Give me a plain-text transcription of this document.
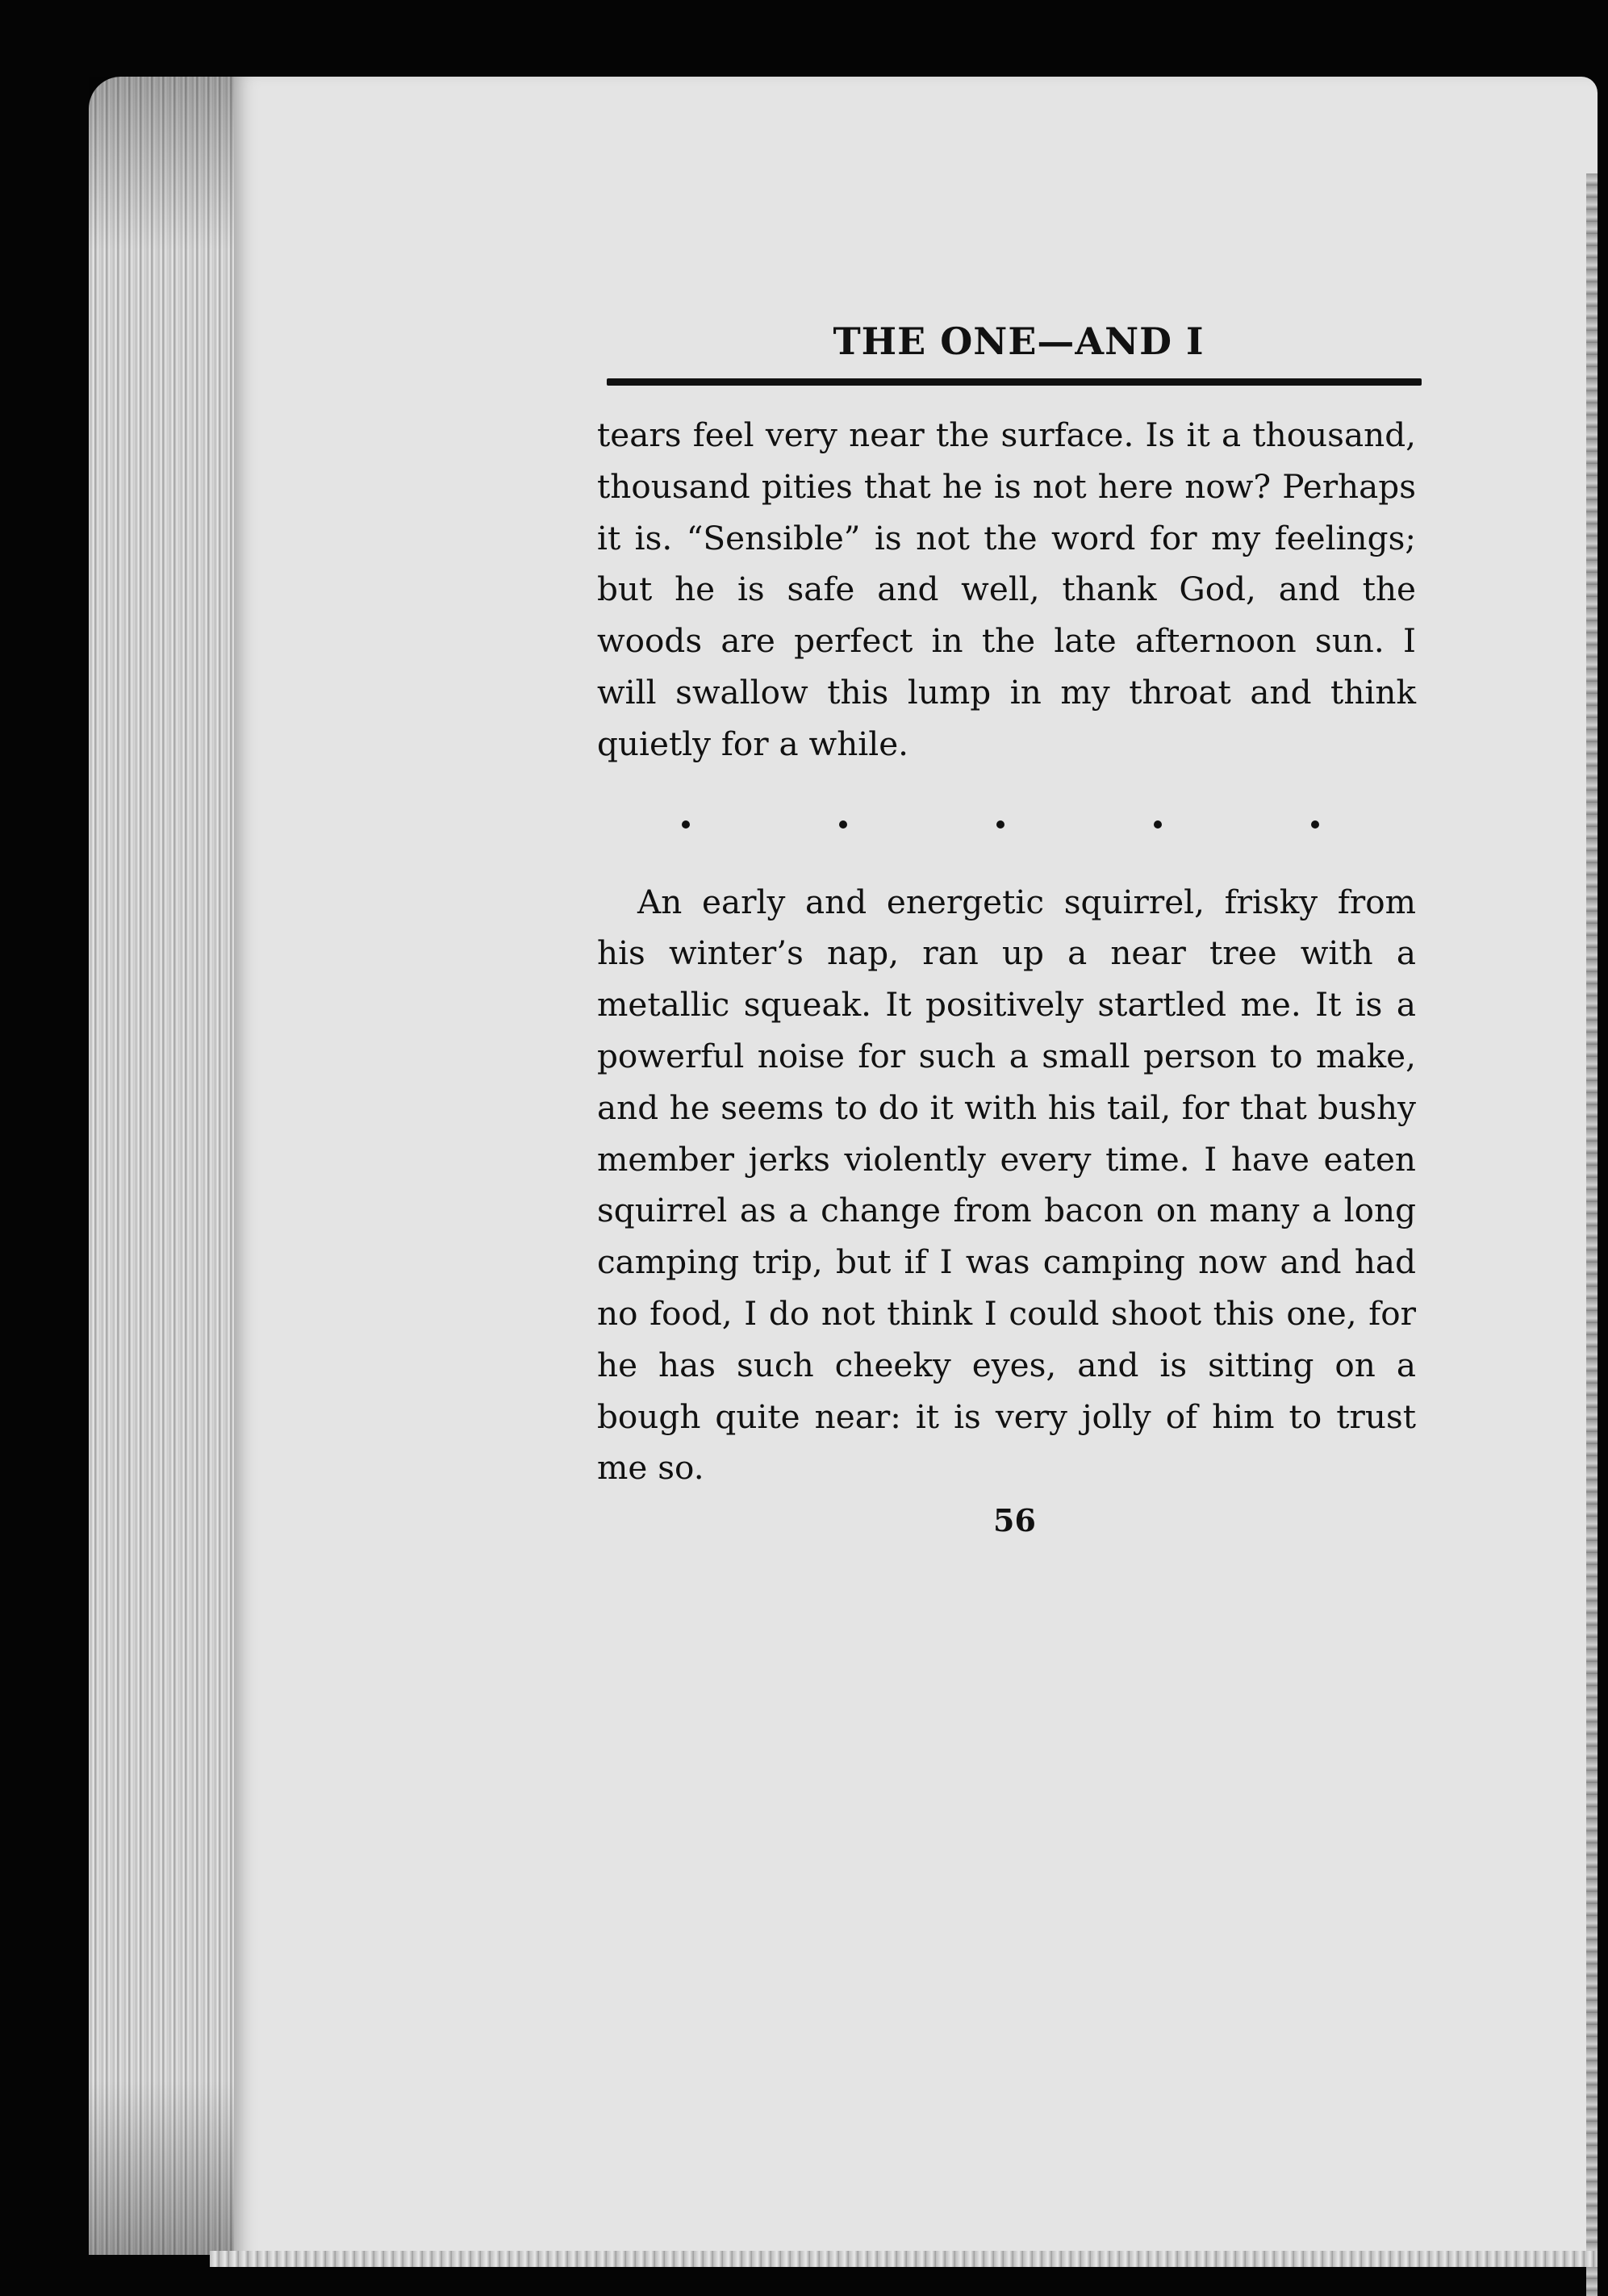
THE ONE—AND I

tears feel very near the surface. Is it a thousand, thousand pities that he is not here now? Perhaps it is. “Sensible” is not the word for my feelings; but he is safe and well, thank God, and the woods are perfect in the late afternoon sun. I will swallow this lump in my throat and think quietly for a while.

An early and energetic squirrel, frisky from his winter’s nap, ran up a near tree with a metallic squeak. It positively startled me. It is a powerful noise for such a small person to make, and he seems to do it with his tail, for that bushy member jerks violently every time. I have eaten squirrel as a change from bacon on many a long camping trip, but if I was camping now and had no food, I do not think I could shoot this one, for he has such cheeky eyes, and is sitting on a bough quite near: it is very jolly of him to trust me so.

56
